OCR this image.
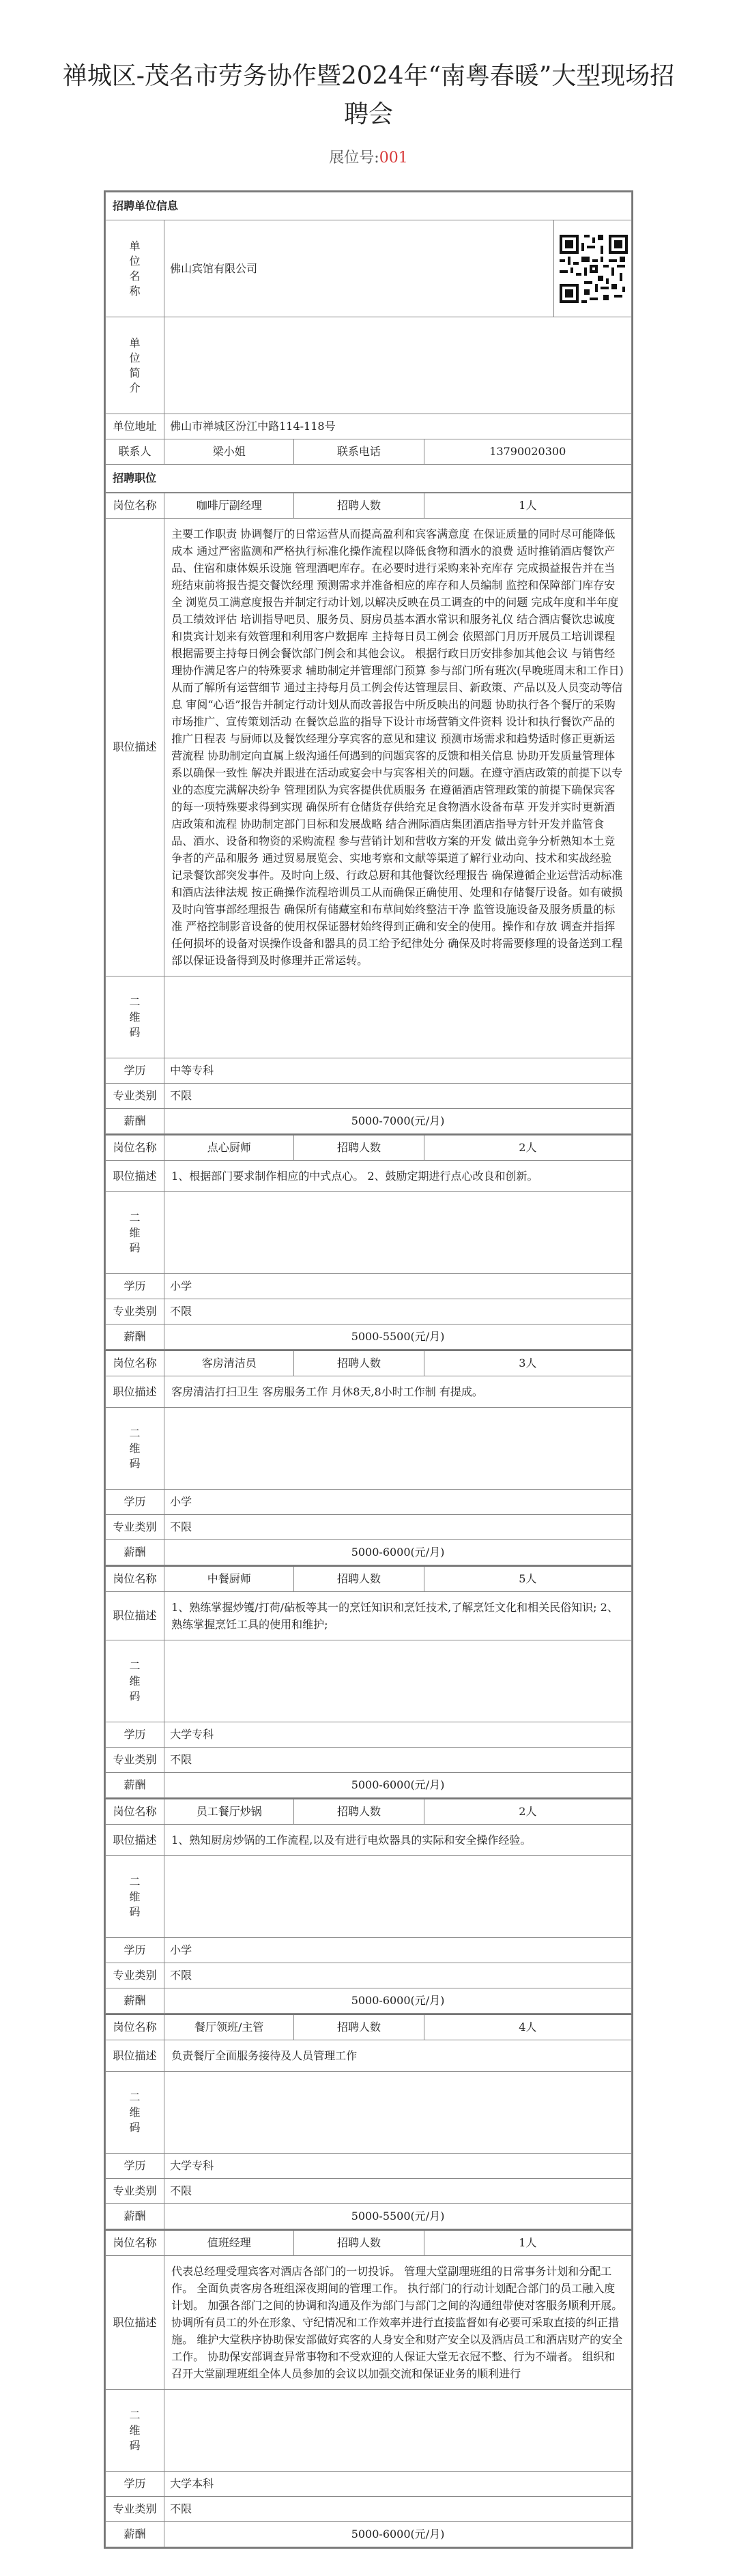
禅城区-茂名市劳务协作暨2024年“南粤春暖”大型现场招聘会
展位号:001
招聘单位信息				

单位名称	佛山宾馆有限公司	

单位简介				

单位地址	佛山市禅城区汾江中路114-118号			
联系人	梁小姐	联系电话	13790020300	
招聘职位				
岗位名称	咖啡厅副经理	招聘人数	1人
职位描述	主要工作职责 协调餐厅的日常运营从而提高盈利和宾客满意度 在保证质量的同时尽可能降低成本 通过严密监测和严格执行标准化操作流程以降低食物和酒水的浪费 适时推销酒店餐饮产品、住宿和康体娱乐设施 管理酒吧库存。在必要时进行采购来补充库存 完成损益报告并在当班结束前将报告提交餐饮经理 预测需求并准备相应的库存和人员编制 监控和保障部门库存安全 浏览员工满意度报告并制定行动计划,以解决反映在员工调查的中的问题 完成年度和半年度员工绩效评估 培训指导吧员、服务员、厨房员基本酒水常识和服务礼仪 结合酒店餐饮忠诚度和贵宾计划来有效管理和利用客户数据库 主持每日员工例会 依照部门月历开展员工培训课程 根据需要主持每日例会餐饮部门例会和其他会议。 根据行政日历安排参加其他会议 与销售经理协作满足客户的特殊要求 辅助制定并管理部门预算 参与部门所有班次(早晚班周末和工作日)从而了解所有运营细节 通过主持每月员工例会传达管理层目、新政策、产品以及人员变动等信息 审阅“心语”报告并制定行动计划从而改善报告中所反映出的问题 协助执行各个餐厅的采购市场推广、宣传策划活动 在餐饮总监的指导下设计市场营销文件资料 设计和执行餐饮产品的推广日程表 与厨师以及餐饮经理分享宾客的意见和建议 预测市场需求和趋势适时修正更新运营流程 协助制定向直属上级沟通任何遇到的问题宾客的反馈和相关信息 协助开发质量管理体系以确保一致性 解决并跟进在活动或宴会中与宾客相关的问题。在遵守酒店政策的前提下以专业的态度完满解决纷争 管理团队为宾客提供优质服务 在遵循酒店管理政策的前提下确保宾客的每一项特殊要求得到实现 确保所有仓储货存供给充足食物酒水设备布草 开发并实时更新酒店政策和流程 协助制定部门目标和发展战略 结合洲际酒店集团酒店指导方针开发并监管食品、酒水、设备和物资的采购流程 参与营销计划和营收方案的开发 做出竞争分析熟知本土竞争者的产品和服务 通过贸易展览会、实地考察和文献等渠道了解行业动向、技术和实战经验 记录餐饮部突发事件。及时向上级、行政总厨和其他餐饮经理报告 确保遵循企业运营活动标准和酒店法律法规 按正确操作流程培训员工从而确保正确使用、处理和存储餐厅设备。如有破损及时向管事部经理报告 确保所有储藏室和布草间始终整洁干净 监管设施设备及服务质量的标准 严格控制影音设备的使用权保证器材始终得到正确和安全的使用。操作和存放 调查并指挥任何损坏的设备对误操作设备和器具的员工给予纪律处分 确保及时将需要修理的设备送到工程部以保证设备得到及时修理并正常运转。		

二维码			

学历	中等专科		
专业类别	不限		
薪酬	5000-7000(元/月)		
岗位名称	点心厨师	招聘人数	2人
职位描述	1、根据部门要求制作相应的中式点心。 2、鼓励定期进行点心改良和创新。		

二维码			

学历	小学		
专业类别	不限		
薪酬	5000-5500(元/月)		
岗位名称	客房清洁员	招聘人数	3人
职位描述	客房清洁打扫卫生 客房服务工作 月休8天,8小时工作制 有提成。		

二维码			

学历	小学		
专业类别	不限		
薪酬	5000-6000(元/月)		
岗位名称	中餐厨师	招聘人数	5人
职位描述	1、熟练掌握炒镬/打荷/砧板等其一的烹饪知识和烹饪技术,了解烹饪文化和相关民俗知识; 2、熟练掌握烹饪工具的使用和维护;		

二维码			

学历	大学专科		
专业类别	不限		
薪酬	5000-6000(元/月)		
岗位名称	员工餐厅炒锅	招聘人数	2人
职位描述	1、熟知厨房炒锅的工作流程,以及有进行电炊器具的实际和安全操作经验。		

二维码			

学历	小学		
专业类别	不限		
薪酬	5000-6000(元/月)		
岗位名称	餐厅领班/主管	招聘人数	4人
职位描述	负责餐厅全面服务接待及人员管理工作		

二维码			

学历	大学专科		
专业类别	不限		
薪酬	5000-5500(元/月)		
岗位名称	值班经理	招聘人数	1人
职位描述	代表总经理受理宾客对酒店各部门的一切投诉。 管理大堂副理班组的日常事务计划和分配工作。 全面负责客房各班组深夜期间的管理工作。 执行部门的行动计划配合部门的员工融入度计划。 加强各部门之间的协调和沟通及作为部门与部门之间的沟通纽带使对客服务顺利开展。 协调所有员工的外在形象、守纪情况和工作效率并进行直接监督如有必要可采取直接的纠正措施。 维护大堂秩序协助保安部做好宾客的人身安全和财产安全以及酒店员工和酒店财产的安全工作。 协助保安部调查异常事物和不受欢迎的人保证大堂无衣冠不整、行为不端者。 组织和召开大堂副理班组全体人员参加的会议以加强交流和保证业务的顺利进行		

二维码			

学历	大学本科		
专业类别	不限		
薪酬	5000-6000(元/月)		
